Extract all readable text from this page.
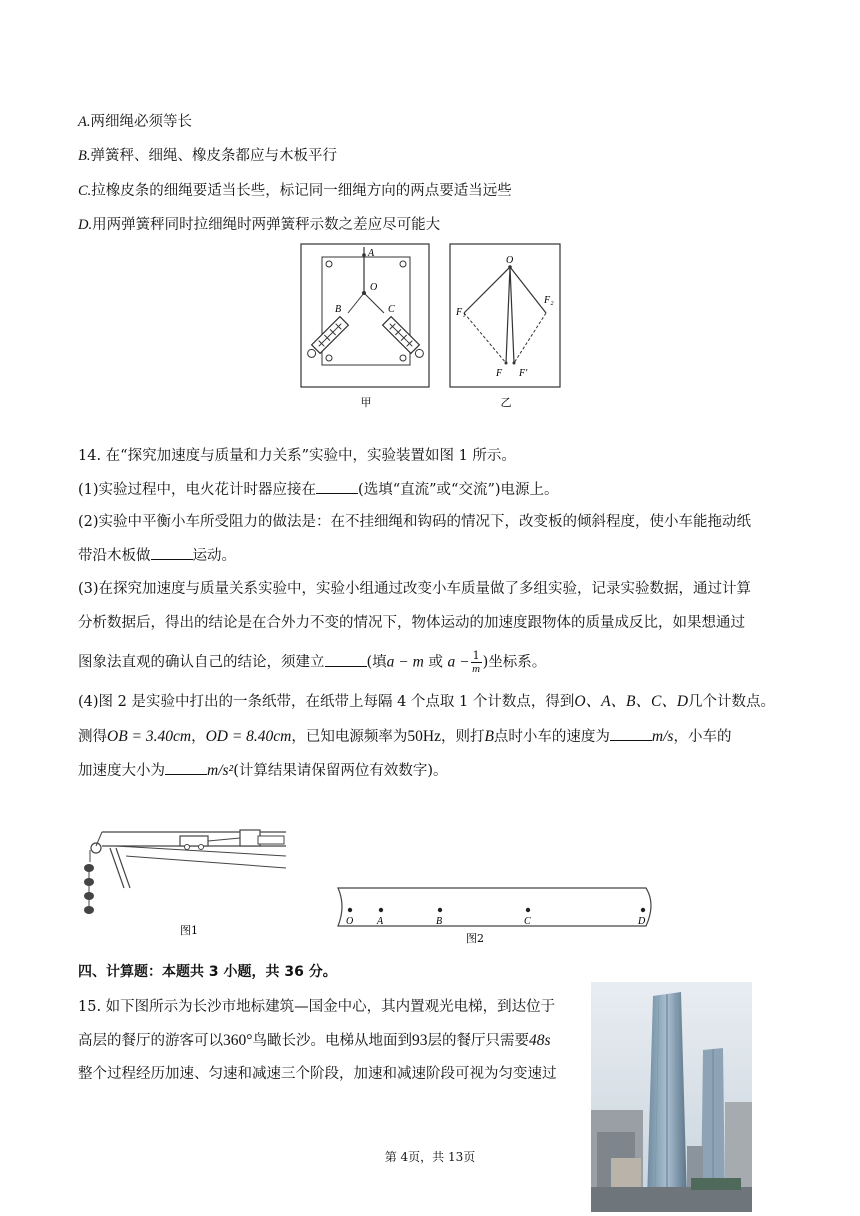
A.两细绳必须等长
B.弹簧秤、细绳、橡皮条都应与木板平行
C.拉橡皮条的细绳要适当长些，标记同一细绳方向的两点要适当远些
D.用两弹簧秤同时拉细绳时两弹簧秤示数之差应尽可能大
A
O
B	C
甲
O
F₁
F₂
F F′
乙
14. 在“探究加速度与质量和力关系”实验中，实验装置如图 1 所示。
(1)实验过程中，电火花计时器应接在	(选填“直流”或“交流”)电源上。
(2)实验中平衡小车所受阻力的做法是：在不挂细绳和钩码的情况下，改变板的倾斜程度，使小车能拖动纸
带沿木板做	运动。
(3)在探究加速度与质量关系实验中，实验小组通过改变小车质量做了多组实验，记录实验数据，通过计算
分析数据后，得出的结论是在合外力不变的情况下，物体运动的加速度跟物体的质量成反比，如果想通过
图象法直观的确认自己的结论，须建立	(填a − m 或 $a - \frac{1}{m}$ )坐标系。
(4)图 2 是实验中打出的一条纸带，在纸带上每隔 4 个点取 1 个计数点，得到O、A、B、C、D几个计数点。
测得OB = 3.40cm，OD = 8.40cm，已知电源频率为50Hz，则打B点时小车的速度为	m/s，小车的
加速度大小为	m/s²(计算结果请保留两位有效数字)。
图1
O A	B	C	D
图2
四、计算题：本题共 3 小题，共 36 分。
15. 如下图所示为长沙市地标建筑—国金中心，其内置观光电梯，到达位于
高层的餐厅的游客可以360°鸟瞰长沙。电梯从地面到93层的餐厅只需要48s
整个过程经历加速、匀速和减速三个阶段，加速和减速阶段可视为匀变速过
第 4页，共 13页
